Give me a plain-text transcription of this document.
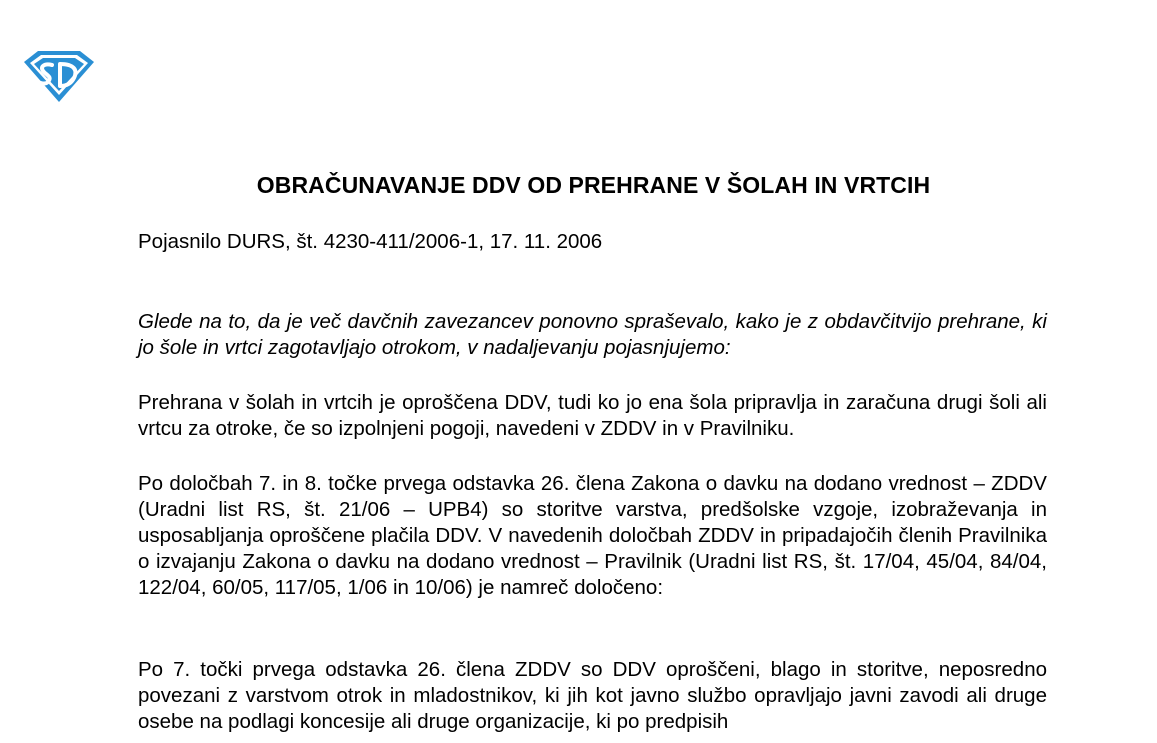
OBRAČUNAVANJE DDV OD PREHRANE V ŠOLAH IN VRTCIH

Pojasnilo DURS, št. 4230-411/2006-1, 17. 11. 2006

Glede na to, da je več davčnih zavezancev ponovno spraševalo, kako je z obdavčitvijo prehrane, ki jo šole in vrtci zagotavljajo otrokom, v nadaljevanju pojasnjujemo:

Prehrana v šolah in vrtcih je oproščena DDV, tudi ko jo ena šola pripravlja in zaračuna drugi šoli ali vrtcu za otroke, če so izpolnjeni pogoji, navedeni v ZDDV in v Pravilniku.

Po določbah 7. in 8. točke prvega odstavka 26. člena Zakona o davku na dodano vrednost – ZDDV (Uradni list RS, št. 21/06 – UPB4) so storitve varstva, predšolske vzgoje, izobraževanja in usposabljanja oproščene plačila DDV. V navedenih določbah ZDDV in pripadajočih členih Pravilnika o izvajanju Zakona o davku na dodano vrednost – Pravilnik (Uradni list RS, št. 17/04, 45/04, 84/04, 122/04, 60/05, 117/05, 1/06 in 10/06) je namreč določeno:

Po 7. točki prvega odstavka 26. člena ZDDV so DDV oproščeni, blago in storitve, neposredno povezani z varstvom otrok in mladostnikov, ki jih kot javno službo opravljajo javni zavodi ali druge osebe na podlagi koncesije ali druge organizacije, ki po predpisih
